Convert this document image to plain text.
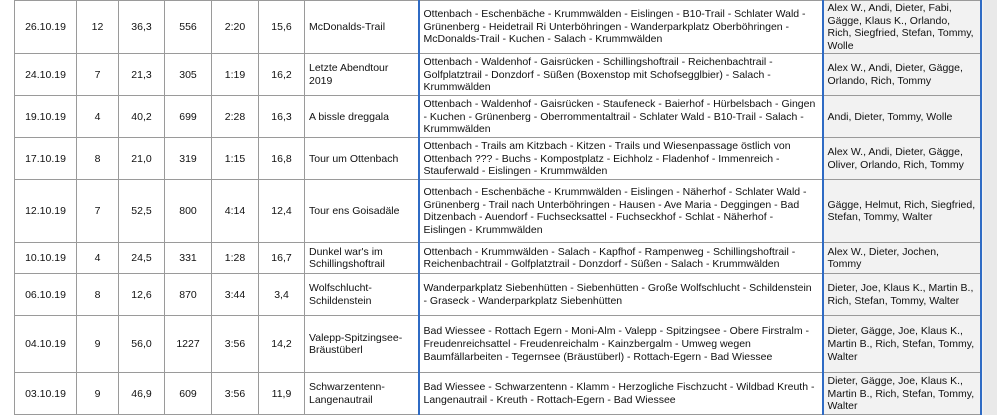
26.10.19	12	36,3	556	2:20	15,6	McDonalds-Trail	Ottenbach - Eschenbäche - Krummwälden - Eislingen - B10-Trail - Schlater Wald - Grünenberg - Heidetrail Ri Unterböhringen - Wanderparkplatz Oberböhringen - McDonalds-Trail - Kuchen - Salach - Krummwälden	Alex W., Andi, Dieter, Fabi, Gägge, Klaus K., Orlando, Rich, Siegfried, Stefan, Tommy, Wolle
24.10.19	7	21,3	305	1:19	16,2	Letzte Abendtour 2019	Ottenbach - Waldenhof - Gaisrücken - Schillingshoftrail - Reichenbachtrail - Golfplatztrail - Donzdorf - Süßen (Boxenstop mit Schofsegglbier) - Salach - Krummwälden	Alex W., Andi, Dieter, Gägge, Orlando, Rich, Tommy
19.10.19	4	40,2	699	2:28	16,3	A bissle dreggala	Ottenbach - Waldenhof - Gaisrücken - Staufeneck - Baierhof - Hürbelsbach - Gingen - Kuchen - Grünenberg - Oberrommentaltrail - Schlater Wald - B10-Trail - Salach - Krummwälden	Andi, Dieter, Tommy, Wolle
17.10.19	8	21,0	319	1:15	16,8	Tour um Ottenbach	Ottenbach - Trails am Kitzbach - Kitzen - Trails und Wiesenpassage östlich von Ottenbach ??? - Buchs - Kompostplatz - Eichholz - Fladenhof - Immenreich - Stauferwald - Eislingen - Krummwälden	Alex W., Andi, Dieter, Gägge, Oliver, Orlando, Rich, Tommy
12.10.19	7	52,5	800	4:14	12,4	Tour ens Goisadäle	Ottenbach - Eschenbäche - Krummwälden - Eislingen - Näherhof - Schlater Wald - Grünenberg - Trail nach Unterböhringen - Hausen - Ave Maria - Deggingen - Bad Ditzenbach - Auendorf - Fuchsecksattel - Fuchseckhof - Schlat - Näherhof - Eislingen - Krummwälden	Gägge, Helmut, Rich, Siegfried, Stefan, Tommy, Walter
10.10.19	4	24,5	331	1:28	16,7	Dunkel war's im Schillingshoftrail	Ottenbach - Krummwälden - Salach - Kapfhof - Rampenweg - Schillingshoftrail - Reichenbachtrail - Golfplatztrail - Donzdorf - Süßen - Salach - Krummwälden	Alex W., Dieter, Jochen, Tommy
06.10.19	8	12,6	870	3:44	3,4	Wolfschlucht-Schildenstein	Wanderparkplatz Siebenhütten - Siebenhütten - Große Wolfschlucht - Schildenstein - Graseck - Wanderparkplatz Siebenhütten	Dieter, Joe, Klaus K., Martin B., Rich, Stefan, Tommy, Walter
04.10.19	9	56,0	1227	3:56	14,2	Valepp-Spitzingsee-Bräustüberl	Bad Wiessee - Rottach Egern - Moni-Alm - Valepp - Spitzingsee - Obere Firstralm - Freudenreichsattel - Freudenreichalm - Kainzbergalm - Umweg wegen Baumfällarbeiten - Tegernsee (Bräustüberl) - Rottach-Egern - Bad Wiessee	Dieter, Gägge, Joe, Klaus K., Martin B., Rich, Stefan, Tommy, Walter
03.10.19	9	46,9	609	3:56	11,9	Schwarzentenn-Langenautrail	Bad Wiessee - Schwarzentenn - Klamm - Herzogliche Fischzucht - Wildbad Kreuth - Langenautrail - Kreuth - Rottach-Egern - Bad Wiessee	Dieter, Gägge, Joe, Klaus K., Martin B., Rich, Stefan, Tommy, Walter
